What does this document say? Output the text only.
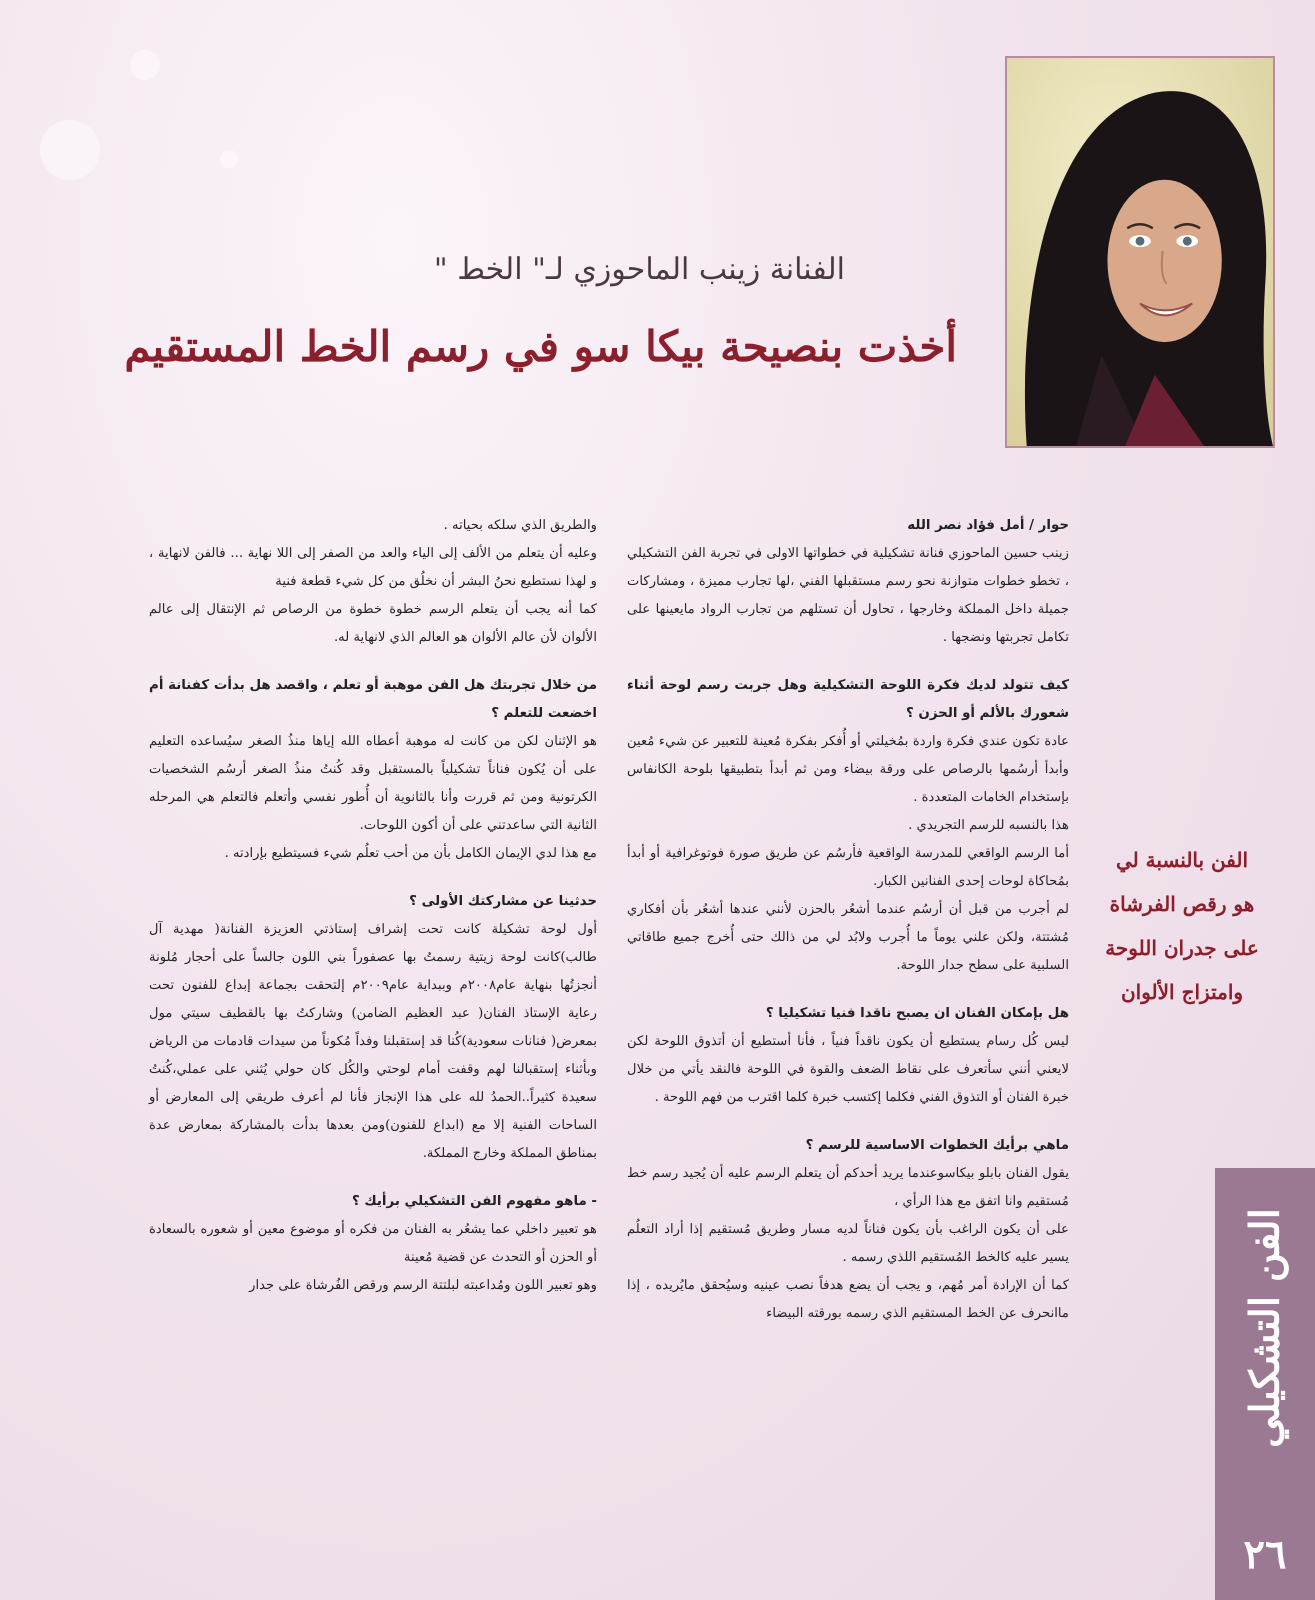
الفنانة زينب الماحوزي لـ" الخط "
أخذت بنصيحة بيكا سو في رسم الخط المستقيم

حوار / أمل فؤاد نصر الله

زينب حسين الماحوزي فنانة تشكيلية في خطواتها الاولى في تجربة الفن التشكيلي ، تخطو خطوات متوازنة نحو رسم مستقبلها الفني ،لها تجارب مميزة ، ومشاركات جميلة داخل المملكة وخارجها ، تحاول أن تستلهم من تجارب الرواد مايعينها على تكامل تجربتها ونضجها .

كيف تتولد لديك فكرة اللوحة التشكيلية وهل جربت رسم لوحة أثناء شعورك بالألم أو الحزن ؟

عادة تكون عندي فكرة واردة بمُخيلتي أو أُفكر بفكرة مُعينة للتعبير عن شيء مُعين وأبدأ أرسُمها بالرصاص على ورقة بيضاء ومن ثم أبدأ بتطبيقها بلوحة الكانفاس بإستخدام الخامات المتعددة .

هذا بالنسبه للرسم التجريدي .

أما الرسم الواقعي للمدرسة الواقعية فأرسُم عن طريق صورة فوتوغرافية أو أبدأ بمُحاكاة لوحات إحدى الفنانين الكبار.

لم أجرب من قبل أن أرسُم عندما أشعُر بالحزن لأنني عندها أشعُر بأن أفكاري مُشتتة، ولكن علني يوماً ما أُجرب ولابُد لي من ذالك حتى أُخرج جميع طاقاتي السلبية على سطح جدار اللوحة.

هل بإمكان الفنان ان يصبح ناقدا فنيا تشكيليا ؟

ليس كُل رسام يستطيع أن يكون ناقداً فنياً ، فأنا أستطيع أن أتذوق اللوحة لكن لايعني أنني سأتعرف على نقاط الضعف والقوة في اللوحة فالنقد يأتي من خلال خبرة الفنان أو التذوق الفني فكلما إكتسب خبرة كلما اقترب من فهم اللوحة .

ماهي برأيك الخطوات الاساسية للرسم ؟

يقول الفنان بابلو بيكاسوعندما يريد أحدكم أن يتعلم الرسم عليه أن يُجيد رسم خط مُستقيم وانا اتفق مع هذا الرأي ،

على أن يكون الراغب بأن يكون فناناً لديه مسار وطريق مُستقيم إذا أراد التعلُم يسير عليه كالخط المُستقيم اللذي رسمه .

كما أن الإرادة أمر مُهم، و يجب أن يضع هدفاً نصب عينيه وسيُحقق مايُريده ، إذا ماانحرف عن الخط المستقيم الذي رسمه بورقته البيضاء

والطريق الذي سلكه بحياته .

وعليه أن يتعلم من الألف إلى الياء والعد من الصفر إلى اللا نهاية ... فالفن لانهاية ، و لهذا نستطيع نحنُ البشر أن نخلُق من كل شيء قطعة فنية

كما أنه يجب أن يتعلم الرسم خطوة خطوة من الرصاص ثم الإنتقال إلى عالم الألوان لأن عالم الألوان هو العالم الذي لانهاية له.

من خلال تجربتك هل الفن موهبة أو تعلم ، واقصد هل بدأت كفنانة أم اخضعت للتعلم ؟

هو الإثنان لكن من كانت له موهبة أعطاه الله إياها منذُ الصغر سيُساعده التعليم على أن يُكون فناناً تشكيلياً بالمستقبل وقد كُنتُ منذُ الصغر أرسُم الشخصيات الكرتونية ومن ثم قررت وأنا بالثانوية أن أُطور نفسي وأتعلم فالتعلم هي المرحله الثانية التي ساعدتني على أن أكون اللوحات.

مع هذا لدي الإيمان الكامل بأن من أحب تعلُم شيء فسيتطيع بإرادته .

حدثينا عن مشاركتك الأولى ؟

أول لوحة تشكيلة كانت تحت إشراف إستاذتي العزيزة الفنانة( مهدية آل طالب)كانت لوحة زيتية رسمتُ بها عصفوراً بني اللون جالساً على أحجار مُلونة أنجزتُها بنهاية عام٢٠٠٨م وببداية عام٢٠٠٩م إلتحقت بجماعة إبداع للفنون تحت رعاية الإستاذ الفنان( عبد العظيم الضامن) وشاركتُ بها بالقطيف سيتي مول بمعرض( فنانات سعودية)كُنا قد إستقبلنا وفداً مُكوناً من سيدات قادمات من الرياض وبأثناء إستقبالنا لهم وقفت أمام لوحتي والكُل كان حولي يُثني على عملي،كُنتُ سعيدة كثيراً..الحمدُ لله على هذا الإنجاز فأنا لم أعرف طريقي إلى المعارض أو الساحات الفنية إلا مع (ابداع للفنون)ومن بعدها بدأت بالمشاركة بمعارض عدة بمناطق المملكة وخارج المملكة.

- ماهو مفهوم الفن التشكيلي برأيك ؟

هو تعبير داخلي عما يشعُر به الفنان من فكره أو موضوع معين أو شعوره بالسعادة أو الحزن أو التحدث عن قضية مُعينة

وهو تعبير اللون ومُداعبته لبلتتة الرسم ورقص الفُرشاة على جدار

الفن بالنسبة لي
هو رقص الفرشاة
على جدران اللوحة
وامتزاج الألوان
الفن التشكيلي
٢٦
